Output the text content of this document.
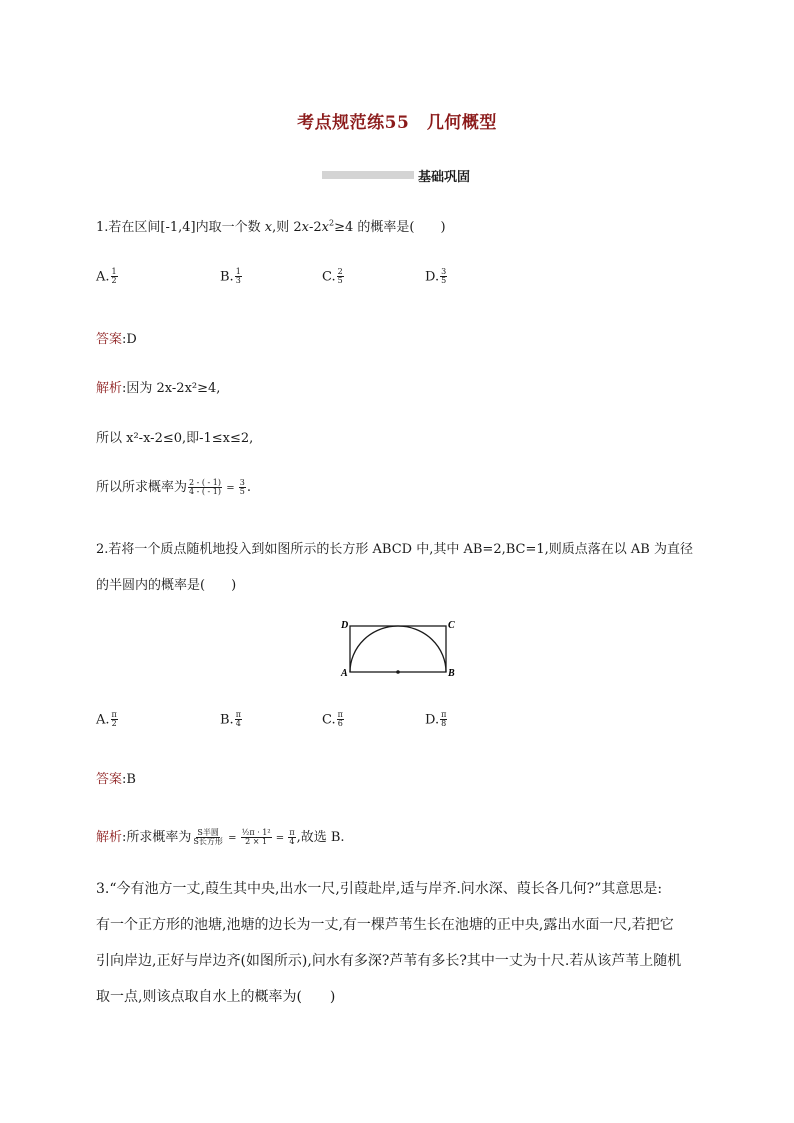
考点规范练55　几何概型
基础巩固
1.若在区间[-1,4]内取一个数 x,则 $2x-2x^2\ge 4$ 的概率是(　　)
A. $\frac{1}{2}$	B. $\frac{1}{3}$	C. $\frac{2}{5}$	D. $\frac{3}{5}$
答案:D
解析:因为 2x-2x²≥4,
所以 x²-x-2≤0,即-1≤x≤2,
所以所求概率为 $\frac{2 - ( - 1)}{4 - ( - 1)} = \frac{3}{5}$ .
2.若将一个质点随机地投入到如图所示的长方形 ABCD 中,其中 AB=2,BC=1,则质点落在以 AB 为直径
的半圆内的概率是(　　)
D	C
A	B
A. $\frac{\pi}{2}$	B. $\frac{\pi}{4}$	C. $\frac{\pi}{6}$	D. $\frac{\pi}{8}$
答案:B
解析:所求概率为 $\frac{\text{S半圆}}{\text{S长方形}} = \frac{\text{½π · 1²}}{2 \times 1} = \frac{\pi}{4}$ ,故选 B.
3.“今有池方一丈,葭生其中央,出水一尺,引葭赴岸,适与岸齐.问水深、葭长各几何?”其意思是:
有一个正方形的池塘,池塘的边长为一丈,有一棵芦苇生长在池塘的正中央,露出水面一尺,若把它
引向岸边,正好与岸边齐(如图所示),问水有多深?芦苇有多长?其中一丈为十尺.若从该芦苇上随机
取一点,则该点取自水上的概率为(　　)
